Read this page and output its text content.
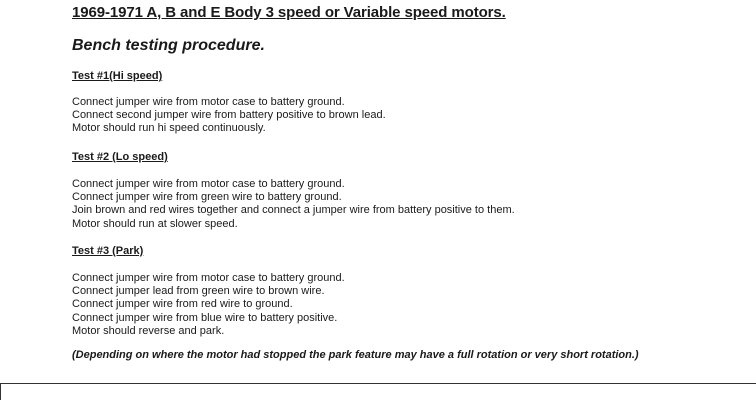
1969-1971 A, B and E Body 3 speed or Variable speed motors.
Bench testing procedure.
Test #1(Hi speed)
Connect jumper wire from motor case to battery ground.
Connect second jumper wire from battery positive to brown lead.
Motor should run hi speed continuously.
Test #2 (Lo speed)
Connect jumper wire from motor case to battery ground.
Connect jumper wire from green wire to battery ground.
Join brown and red wires together and connect a jumper wire from battery positive to them.
Motor should run at slower speed.
Test #3 (Park)
Connect jumper wire from motor case to battery ground.
Connect jumper lead from green wire to brown wire.
Connect jumper wire from red wire to ground.
Connect jumper wire from blue wire to battery positive.
Motor should reverse and park.
(Depending on where the motor had stopped the park feature may have a full rotation or very short rotation.)
